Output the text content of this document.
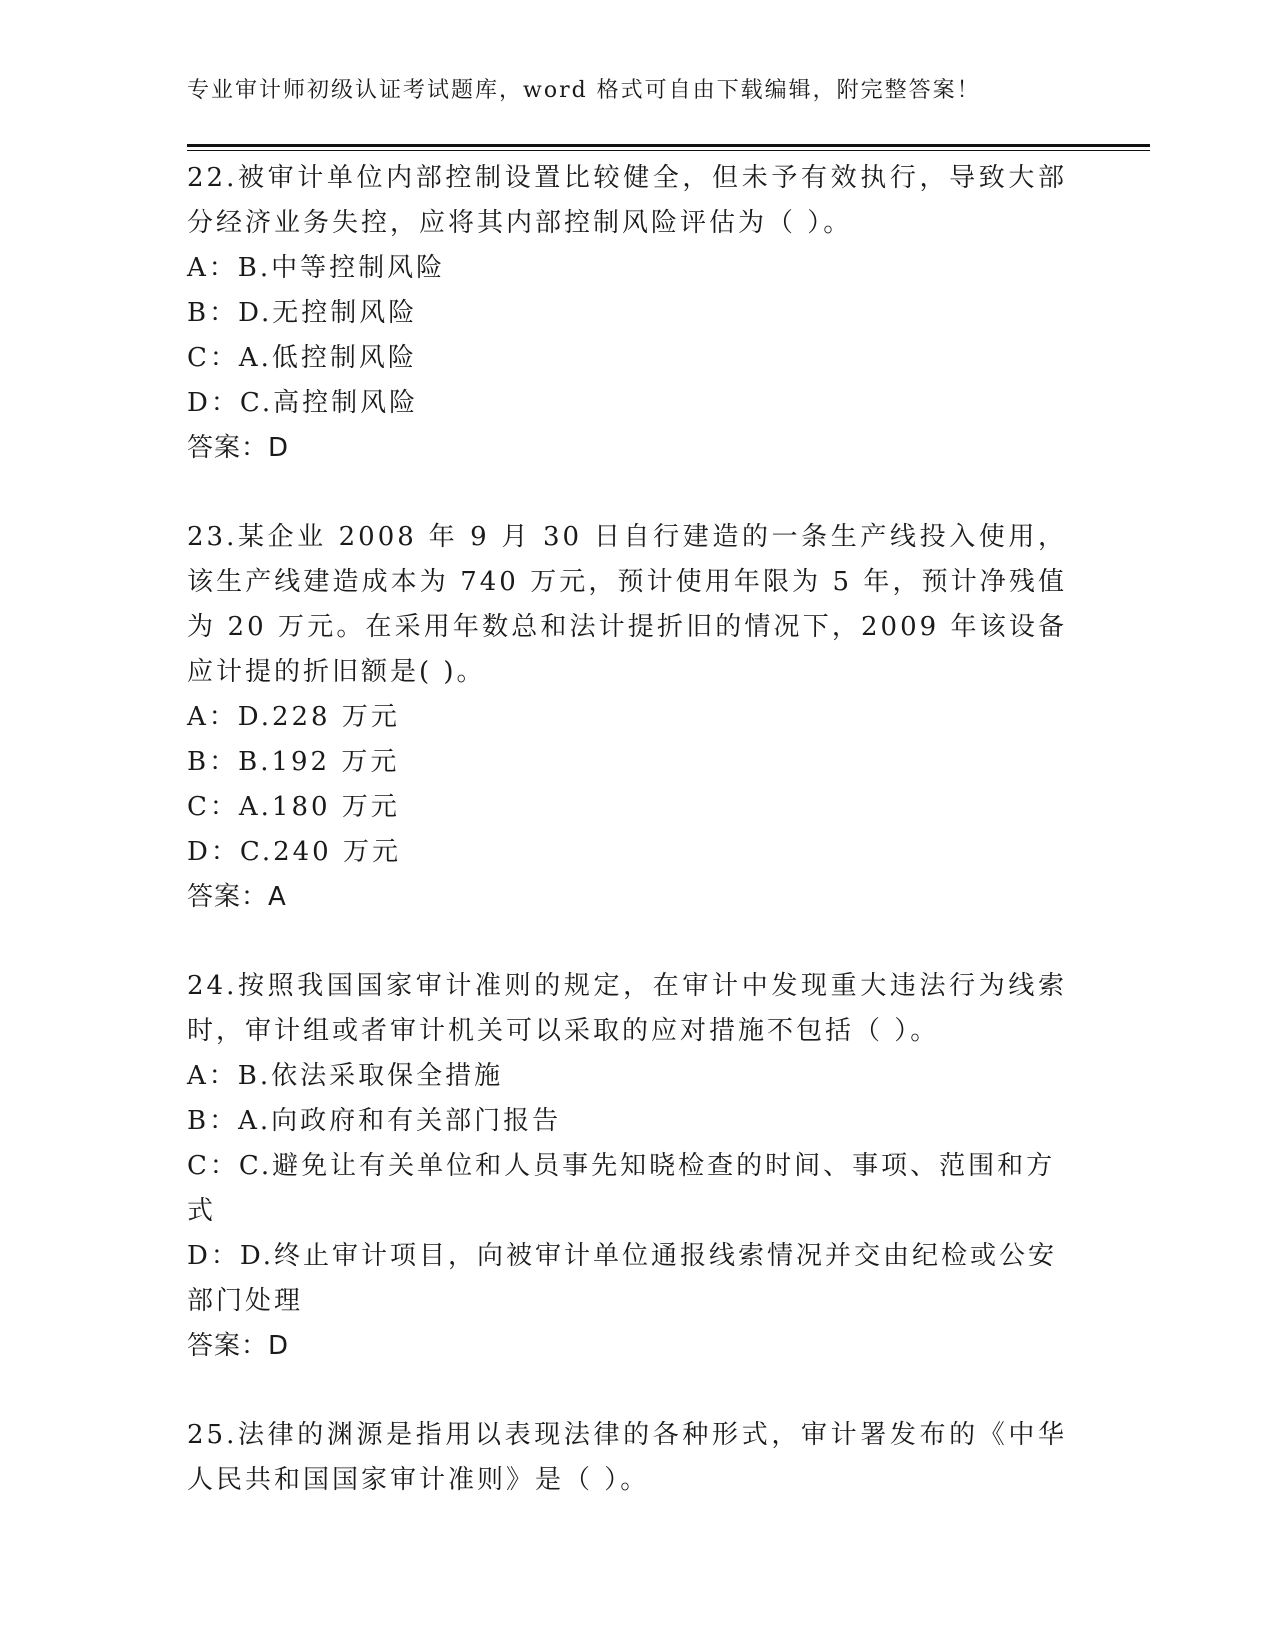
专业审计师初级认证考试题库，word 格式可自由下载编辑，附完整答案！
22.被审计单位内部控制设置比较健全，但未予有效执行，导致大部分经济业务失控，应将其内部控制风险评估为（ ）。
A：B.中等控制风险
B：D.无控制风险
C：A.低控制风险
D：C.高控制风险
答案：D
23.某企业 2008 年 9 月 30 日自行建造的一条生产线投入使用，该生产线建造成本为 740 万元，预计使用年限为 5 年，预计净残值为 20 万元。在采用年数总和法计提折旧的情况下，2009 年该设备应计提的折旧额是( )。
A：D.228 万元
B：B.192 万元
C：A.180 万元
D：C.240 万元
答案：A
24.按照我国国家审计准则的规定，在审计中发现重大违法行为线索时，审计组或者审计机关可以采取的应对措施不包括（ ）。
A：B.依法采取保全措施
B：A.向政府和有关部门报告
C：C.避免让有关单位和人员事先知晓检查的时间、事项、范围和方式
D：D.终止审计项目，向被审计单位通报线索情况并交由纪检或公安部门处理
答案：D
25.法律的渊源是指用以表现法律的各种形式，审计署发布的《中华人民共和国国家审计准则》是（ ）。
